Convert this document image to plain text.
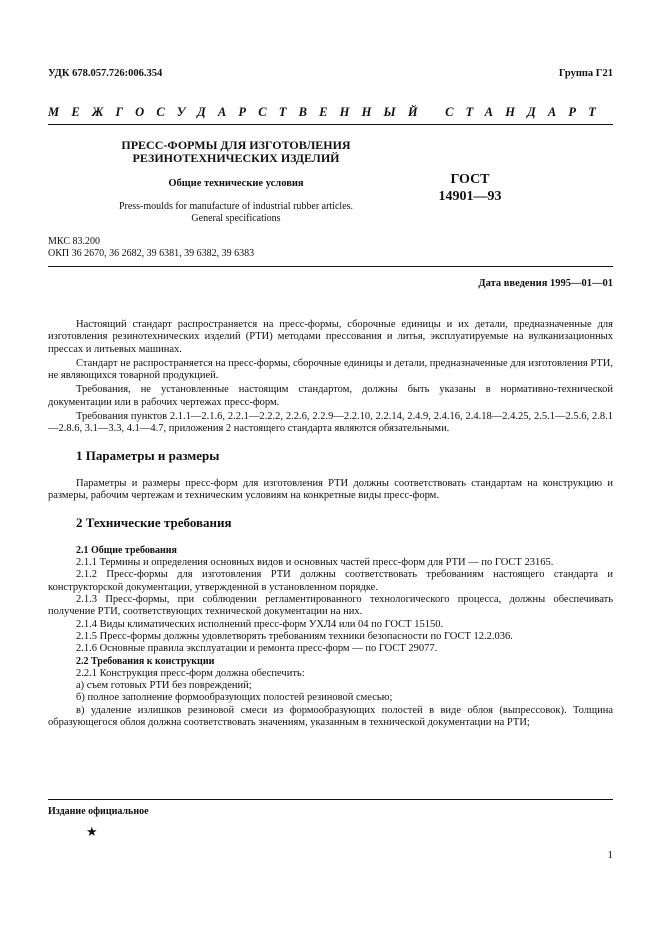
УДК 678.057.726:006.354	Группа Г21
МЕЖГОСУДАРСТВЕННЫЙ СТАНДАРТ
ПРЕСС-ФОРМЫ ДЛЯ ИЗГОТОВЛЕНИЯ
РЕЗИНОТЕХНИЧЕСКИХ ИЗДЕЛИЙ
ГОСТ
14901—93
Общие технические условия
Press-moulds for manufacture of industrial rubber articles.
General specifications
МКС 83.200
ОКП 36 2670, 36 2682, 39 6381, 39 6382, 39 6383
Дата введения 1995—01—01

Настоящий стандарт распространяется на пресс-формы, сборочные единицы и их детали, предназначенные для изготовления резинотехнических изделий (РТИ) методами прессования и литья, эксплуатируемые на вулканизационных прессах и литьевых машинах.

Стандарт не распространяется на пресс-формы, сборочные единицы и детали, предназначенные для изготовления РТИ, не являющихся товарной продукцией.

Требования, не установленные настоящим стандартом, должны быть указаны в нормативно-технической документации или в рабочих чертежах пресс-форм.

Требования пунктов 2.1.1—2.1.6, 2.2.1—2.2.2, 2.2.6, 2.2.9—2.2.10, 2.2.14, 2.4.9, 2.4.16, 2.4.18—2.4.25, 2.5.1—2.5.6, 2.8.1—2.8.6, 3.1—3.3, 4.1—4.7, приложения 2 настоящего стандарта являются обязательными.

1 Параметры и размеры

Параметры и размеры пресс-форм для изготовления РТИ должны соответствовать стандартам на конструкцию и размеры, рабочим чертежам и техническим условиям на конкретные виды пресс-форм.

2 Технические требования
2.1 Общие требования

2.1.1 Термины и определения основных видов и основных частей пресс-форм для РТИ — по ГОСТ 23165.

2.1.2 Пресс-формы для изготовления РТИ должны соответствовать требованиям настоящего стандарта и конструкторской документации, утвержденной в установленном порядке.

2.1.3 Пресс-формы, при соблюдении регламентированного технологического процесса, должны обеспечивать получение РТИ, соответствующих технической документации на них.

2.1.4 Виды климатических исполнений пресс-форм УХЛ4 или 04 по ГОСТ 15150.

2.1.5 Пресс-формы должны удовлетворять требованиям техники безопасности по ГОСТ 12.2.036.

2.1.6 Основные правила эксплуатации и ремонта пресс-форм — по ГОСТ 29077.

2.2 Требования к конструкции

2.2.1 Конструкция пресс-форм должна обеспечить:

а) съем готовых РТИ без повреждений;

б) полное заполнение формообразующих полостей резиновой смесью;

в) удаление излишков резиновой смеси из формообразующих полостей в виде облоя (выпрессовок). Толщина образующегося облоя должна соответствовать значениям, указанным в технической документации на РТИ;

Издание официальное
★
1
